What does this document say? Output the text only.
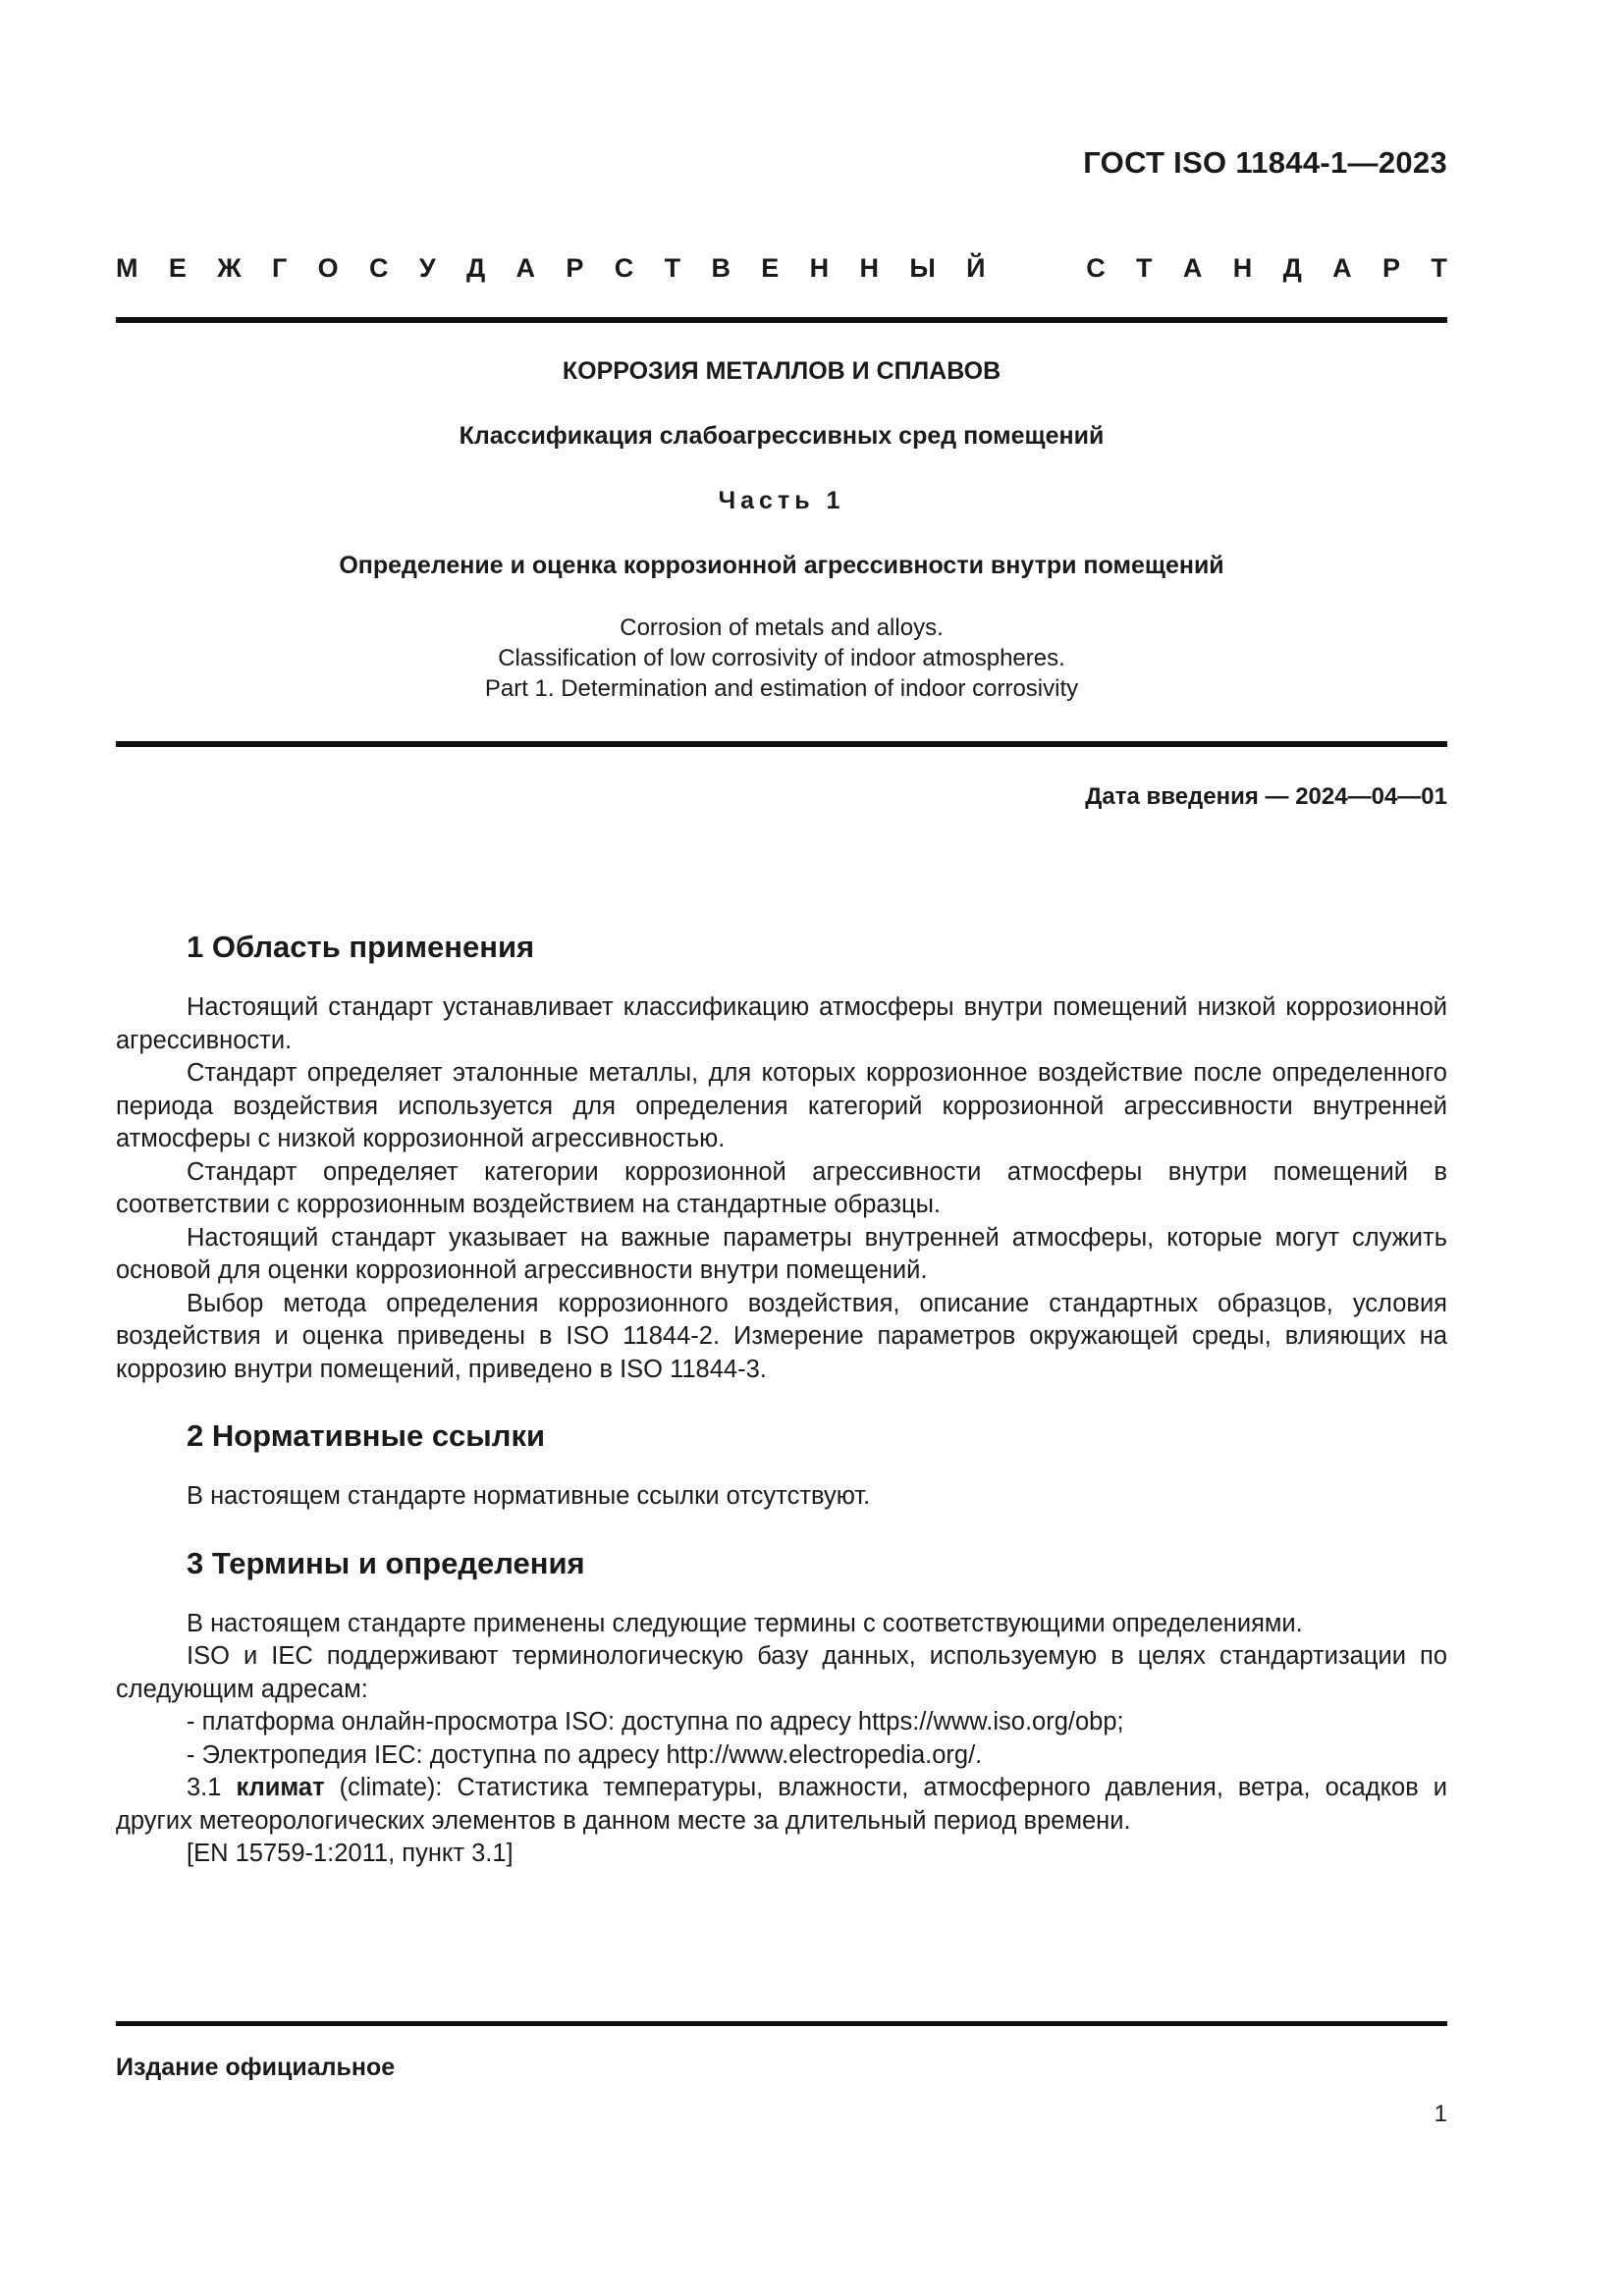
ГОСТ ISO 11844-1—2023
М Е Ж Г О С У Д А Р С Т В Е Н Н Ы Й	С Т А Н Д А Р Т
КОРРОЗИЯ МЕТАЛЛОВ И СПЛАВОВ
Классификация слабоагрессивных сред помещений
Часть 1
Определение и оценка коррозионной агрессивности внутри помещений
Corrosion of metals and alloys.
Classification of low corrosivity of indoor atmospheres.
Part 1. Determination and estimation of indoor corrosivity
Дата введения — 2024—04—01
1 Область применения

Настоящий стандарт устанавливает классификацию атмосферы внутри помещений низкой коррозионной агрессивности.

Стандарт определяет эталонные металлы, для которых коррозионное воздействие после определенного периода воздействия используется для определения категорий коррозионной агрессивности внутренней атмосферы с низкой коррозионной агрессивностью.

Стандарт определяет категории коррозионной агрессивности атмосферы внутри помещений в соответствии с коррозионным воздействием на стандартные образцы.

Настоящий стандарт указывает на важные параметры внутренней атмосферы, которые могут служить основой для оценки коррозионной агрессивности внутри помещений.

Выбор метода определения коррозионного воздействия, описание стандартных образцов, условия воздействия и оценка приведены в ISO 11844-2. Измерение параметров окружающей среды, влияющих на коррозию внутри помещений, приведено в ISO 11844-3.

2 Нормативные ссылки

В настоящем стандарте нормативные ссылки отсутствуют.

3 Термины и определения

В настоящем стандарте применены следующие термины с соответствующими определениями.

ISO и IEC поддерживают терминологическую базу данных, используемую в целях стандартизации по следующим адресам:

- платформа онлайн-просмотра ISO: доступна по адресу https://www.iso.org/obp;

- Электропедия IEC: доступна по адресу http://www.electropedia.org/.

3.1 климат (climate): Статистика температуры, влажности, атмосферного давления, ветра, осадков и других метеорологических элементов в данном месте за длительный период времени.

[EN 15759-1:2011, пункт 3.1]

Издание официальное
1
